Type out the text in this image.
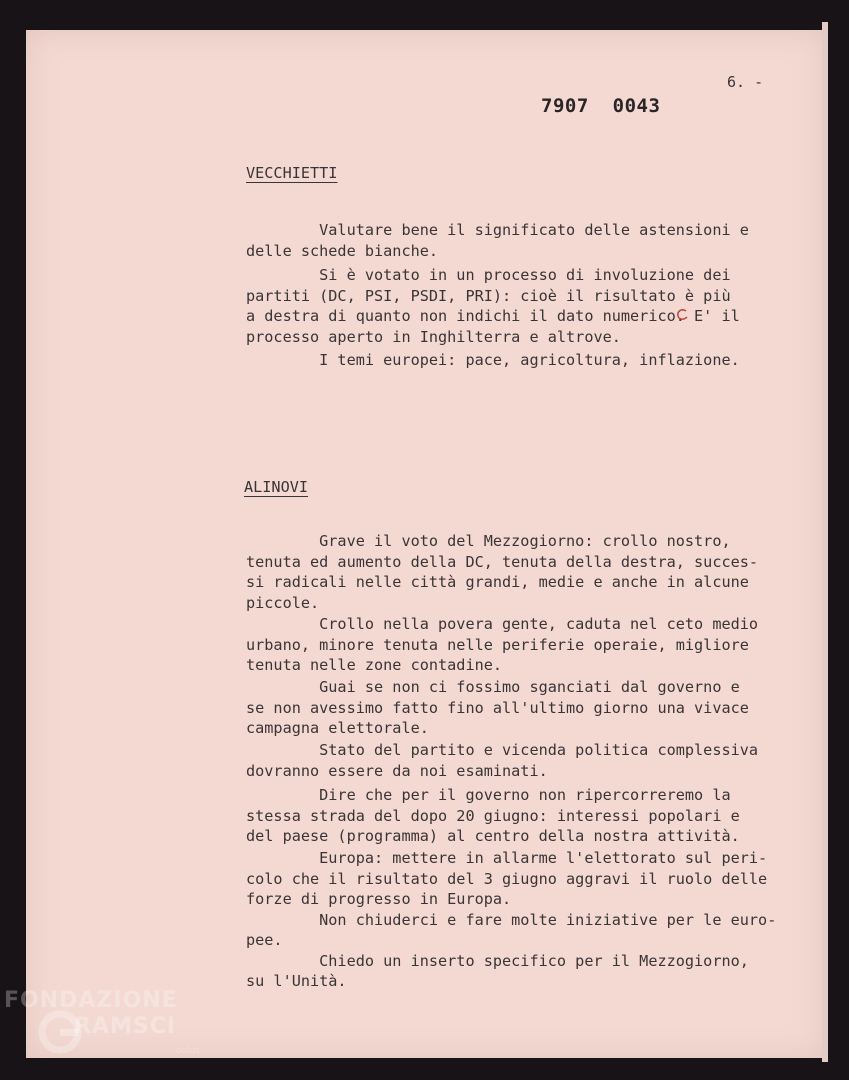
6. -
7907  0043
VECCHIETTI
Valutare bene il significato delle astensioni e
delle schede bianche.
Si è votato in un processo di involuzione dei
partiti (DC, PSI, PSDI, PRI): cioè il risultato è più
a destra di quanto non indichi il dato numerico. E' il
processo aperto in Inghilterra e altrove.
I temi europei: pace, agricoltura, inflazione.
ALINOVI
Grave il voto del Mezzogiorno: crollo nostro,
tenuta ed aumento della DC, tenuta della destra, succes-
si radicali nelle città grandi, medie e anche in alcune
piccole.
Crollo nella povera gente, caduta nel ceto medio
urbano, minore tenuta nelle periferie operaie, migliore
tenuta nelle zone contadine.
Guai se non ci fossimo sganciati dal governo e
se non avessimo fatto fino all'ultimo giorno una vivace
campagna elettorale.
Stato del partito e vicenda politica complessiva
dovranno essere da noi esaminati.
Dire che per il governo non ripercorreremo la
stessa strada del dopo 20 giugno: interessi popolari e
del paese (programma) al centro della nostra attività.
Europa: mettere in allarme l'elettorato sul peri-
colo che il risultato del 3 giugno aggravi il ruolo delle
forze di progresso in Europa.
Non chiuderci e fare molte iniziative per le euro-
pee.
Chiedo un inserto specifico per il Mezzogiorno,
su l'Unità.
FONDAZIONE
RAMSCI
onlus
